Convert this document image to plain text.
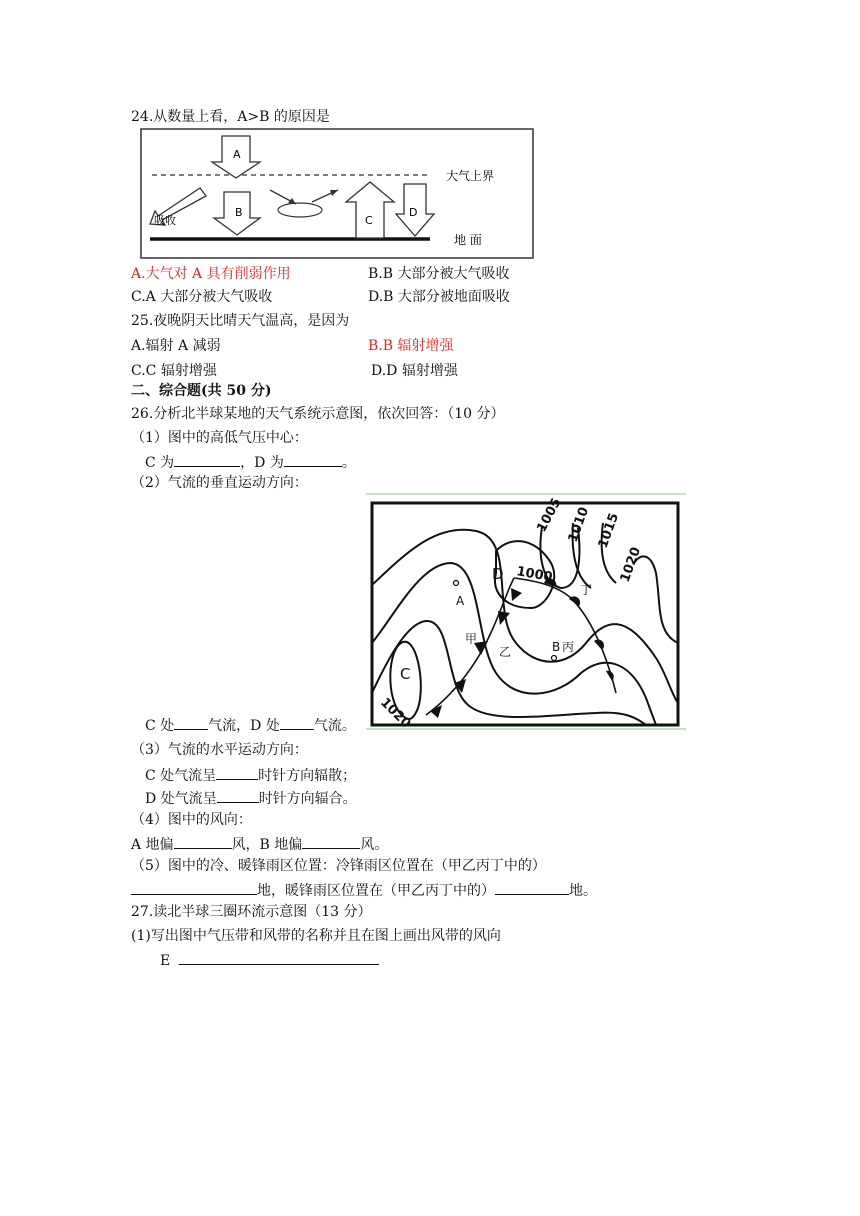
24.从数量上看，A>B 的原因是
A
B
C
D
大气上界
吸收
地 面
A.大气对 A 具有削弱作用	B.B 大部分被大气吸收
C.A 大部分被大气吸收	D.B 大部分被地面吸收
25.夜晚阴天比晴天气温高，是因为
A.辐射 A 减弱	B.B 辐射增强
C.C 辐射增强	D.D 辐射增强
二、综合题(共 50 分)
26.分析北半球某地的天气系统示意图，依次回答：（10 分）
（1）图中的高低气压中心：
C 为	，D 为	。
（2）气流的垂直运动方向：
1000
1005 1010 1015
1020
1020
C
D
A
B
甲
乙	丙
丁
C 处 气流，D 处 气流。
（3）气流的水平运动方向：
C 处气流呈	时针方向辐散；
D 处气流呈	时针方向辐合。
（4）图中的风向：
A 地偏	风，B 地偏	风。
（5）图中的冷、暖锋雨区位置：冷锋雨区位置在（甲乙丙丁中的）
地，暖锋雨区位置在（甲乙丙丁中的）	地。
27.读北半球三圈环流示意图（13 分）
(1)写出图中气压带和风带的名称并且在图上画出风带的风向
E
